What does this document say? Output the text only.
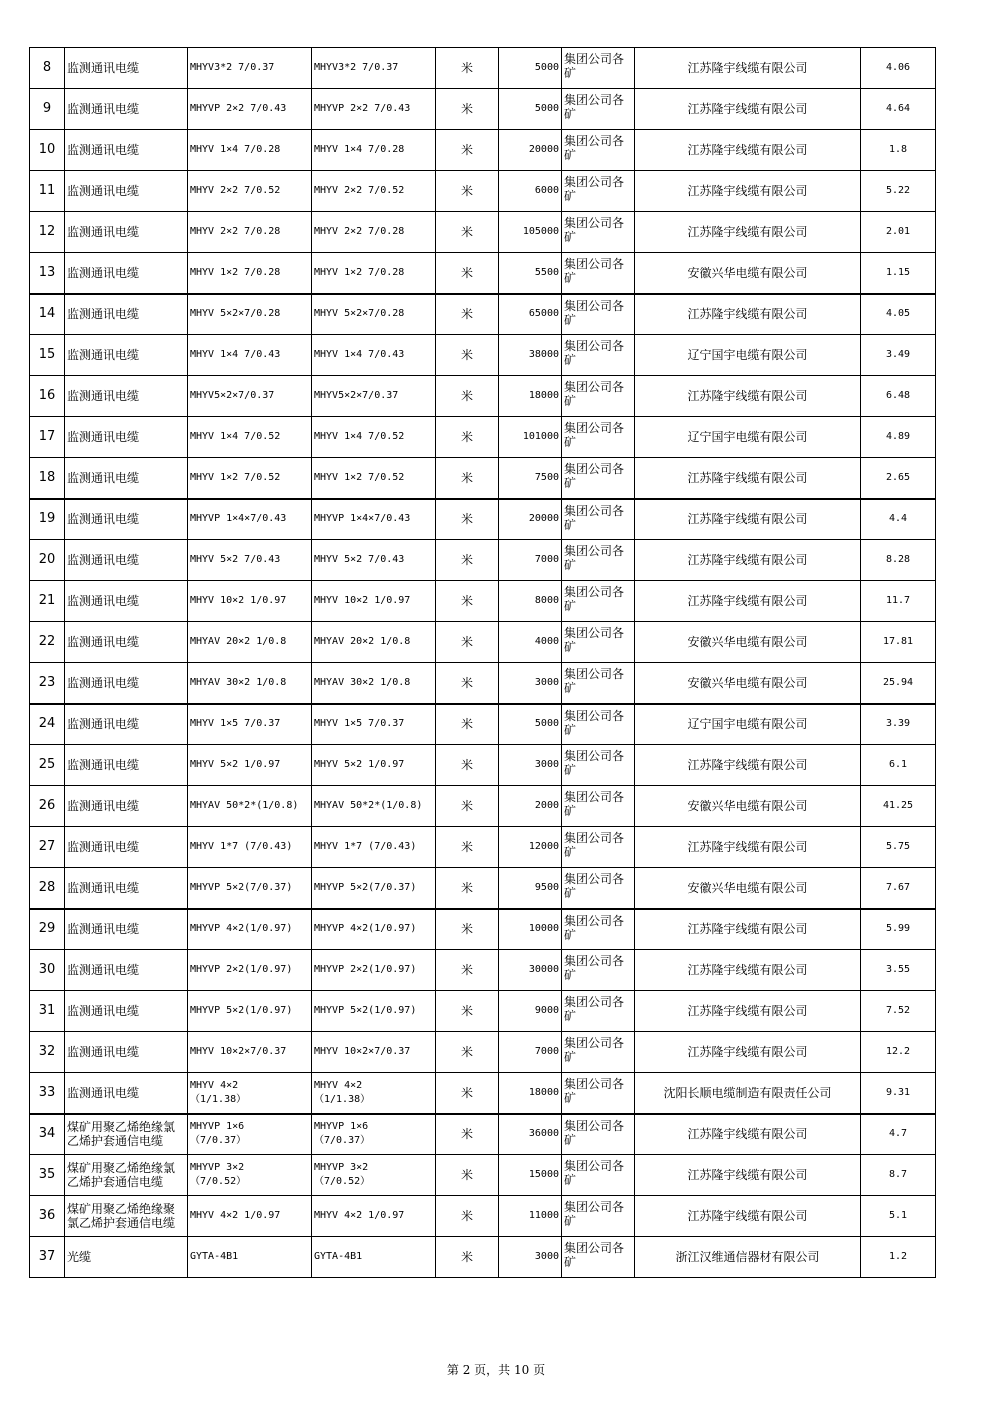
8	监测通讯电缆	MHYV3*2 7/0.37	MHYV3*2 7/0.37	米	5000	集团公司各矿	江苏隆宇线缆有限公司	4.06
9	监测通讯电缆	MHYVP 2×2 7/0.43	MHYVP 2×2 7/0.43	米	5000	集团公司各矿	江苏隆宇线缆有限公司	4.64
10	监测通讯电缆	MHYV 1×4 7/0.28	MHYV 1×4 7/0.28	米	20000	集团公司各矿	江苏隆宇线缆有限公司	1.8
11	监测通讯电缆	MHYV 2×2 7/0.52	MHYV 2×2 7/0.52	米	6000	集团公司各矿	江苏隆宇线缆有限公司	5.22
12	监测通讯电缆	MHYV 2×2 7/0.28	MHYV 2×2 7/0.28	米	105000	集团公司各矿	江苏隆宇线缆有限公司	2.01
13	监测通讯电缆	MHYV 1×2 7/0.28	MHYV 1×2 7/0.28	米	5500	集团公司各矿	安徽兴华电缆有限公司	1.15
14	监测通讯电缆	MHYV 5×2×7/0.28	MHYV 5×2×7/0.28	米	65000	集团公司各矿	江苏隆宇线缆有限公司	4.05
15	监测通讯电缆	MHYV 1×4 7/0.43	MHYV 1×4 7/0.43	米	38000	集团公司各矿	辽宁国宇电缆有限公司	3.49
16	监测通讯电缆	MHYV5×2×7/0.37	MHYV5×2×7/0.37	米	18000	集团公司各矿	江苏隆宇线缆有限公司	6.48
17	监测通讯电缆	MHYV 1×4 7/0.52	MHYV 1×4 7/0.52	米	101000	集团公司各矿	辽宁国宇电缆有限公司	4.89
18	监测通讯电缆	MHYV 1×2 7/0.52	MHYV 1×2 7/0.52	米	7500	集团公司各矿	江苏隆宇线缆有限公司	2.65
19	监测通讯电缆	MHYVP 1×4×7/0.43	MHYVP 1×4×7/0.43	米	20000	集团公司各矿	江苏隆宇线缆有限公司	4.4
20	监测通讯电缆	MHYV 5×2 7/0.43	MHYV 5×2 7/0.43	米	7000	集团公司各矿	江苏隆宇线缆有限公司	8.28
21	监测通讯电缆	MHYV 10×2 1/0.97	MHYV 10×2 1/0.97	米	8000	集团公司各矿	江苏隆宇线缆有限公司	11.7
22	监测通讯电缆	MHYAV 20×2 1/0.8	MHYAV 20×2 1/0.8	米	4000	集团公司各矿	安徽兴华电缆有限公司	17.81
23	监测通讯电缆	MHYAV 30×2 1/0.8	MHYAV 30×2 1/0.8	米	3000	集团公司各矿	安徽兴华电缆有限公司	25.94
24	监测通讯电缆	MHYV 1×5 7/0.37	MHYV 1×5 7/0.37	米	5000	集团公司各矿	辽宁国宇电缆有限公司	3.39
25	监测通讯电缆	MHYV 5×2 1/0.97	MHYV 5×2 1/0.97	米	3000	集团公司各矿	江苏隆宇线缆有限公司	6.1
26	监测通讯电缆	MHYAV 50*2*(1/0.8)	MHYAV 50*2*(1/0.8)	米	2000	集团公司各矿	安徽兴华电缆有限公司	41.25
27	监测通讯电缆	MHYV 1*7 (7/0.43)	MHYV 1*7 (7/0.43)	米	12000	集团公司各矿	江苏隆宇线缆有限公司	5.75
28	监测通讯电缆	MHYVP 5×2(7/0.37)	MHYVP 5×2(7/0.37)	米	9500	集团公司各矿	安徽兴华电缆有限公司	7.67
29	监测通讯电缆	MHYVP 4×2(1/0.97)	MHYVP 4×2(1/0.97)	米	10000	集团公司各矿	江苏隆宇线缆有限公司	5.99
30	监测通讯电缆	MHYVP 2×2(1/0.97)	MHYVP 2×2(1/0.97)	米	30000	集团公司各矿	江苏隆宇线缆有限公司	3.55
31	监测通讯电缆	MHYVP 5×2(1/0.97)	MHYVP 5×2(1/0.97)	米	9000	集团公司各矿	江苏隆宇线缆有限公司	7.52
32	监测通讯电缆	MHYV 10×2×7/0.37	MHYV 10×2×7/0.37	米	7000	集团公司各矿	江苏隆宇线缆有限公司	12.2
33	监测通讯电缆	MHYV 4×2
（1/1.38）	MHYV 4×2
（1/1.38）	米	18000	集团公司各矿	沈阳长顺电缆制造有限责任公司	9.31
34	煤矿用聚乙烯绝缘氯乙烯护套通信电缆	MHYVP 1×6
（7/0.37）	MHYVP 1×6
（7/0.37）	米	36000	集团公司各矿	江苏隆宇线缆有限公司	4.7
35	煤矿用聚乙烯绝缘氯乙烯护套通信电缆	MHYVP 3×2
（7/0.52）	MHYVP 3×2
（7/0.52）	米	15000	集团公司各矿	江苏隆宇线缆有限公司	8.7
36	煤矿用聚乙烯绝缘聚氯乙烯护套通信电缆	MHYV 4×2 1/0.97	MHYV 4×2 1/0.97	米	11000	集团公司各矿	江苏隆宇线缆有限公司	5.1
37	光缆	GYTA-4B1	GYTA-4B1	米	3000	集团公司各矿	浙江汉维通信器材有限公司	1.2
第 2 页，共 10 页
